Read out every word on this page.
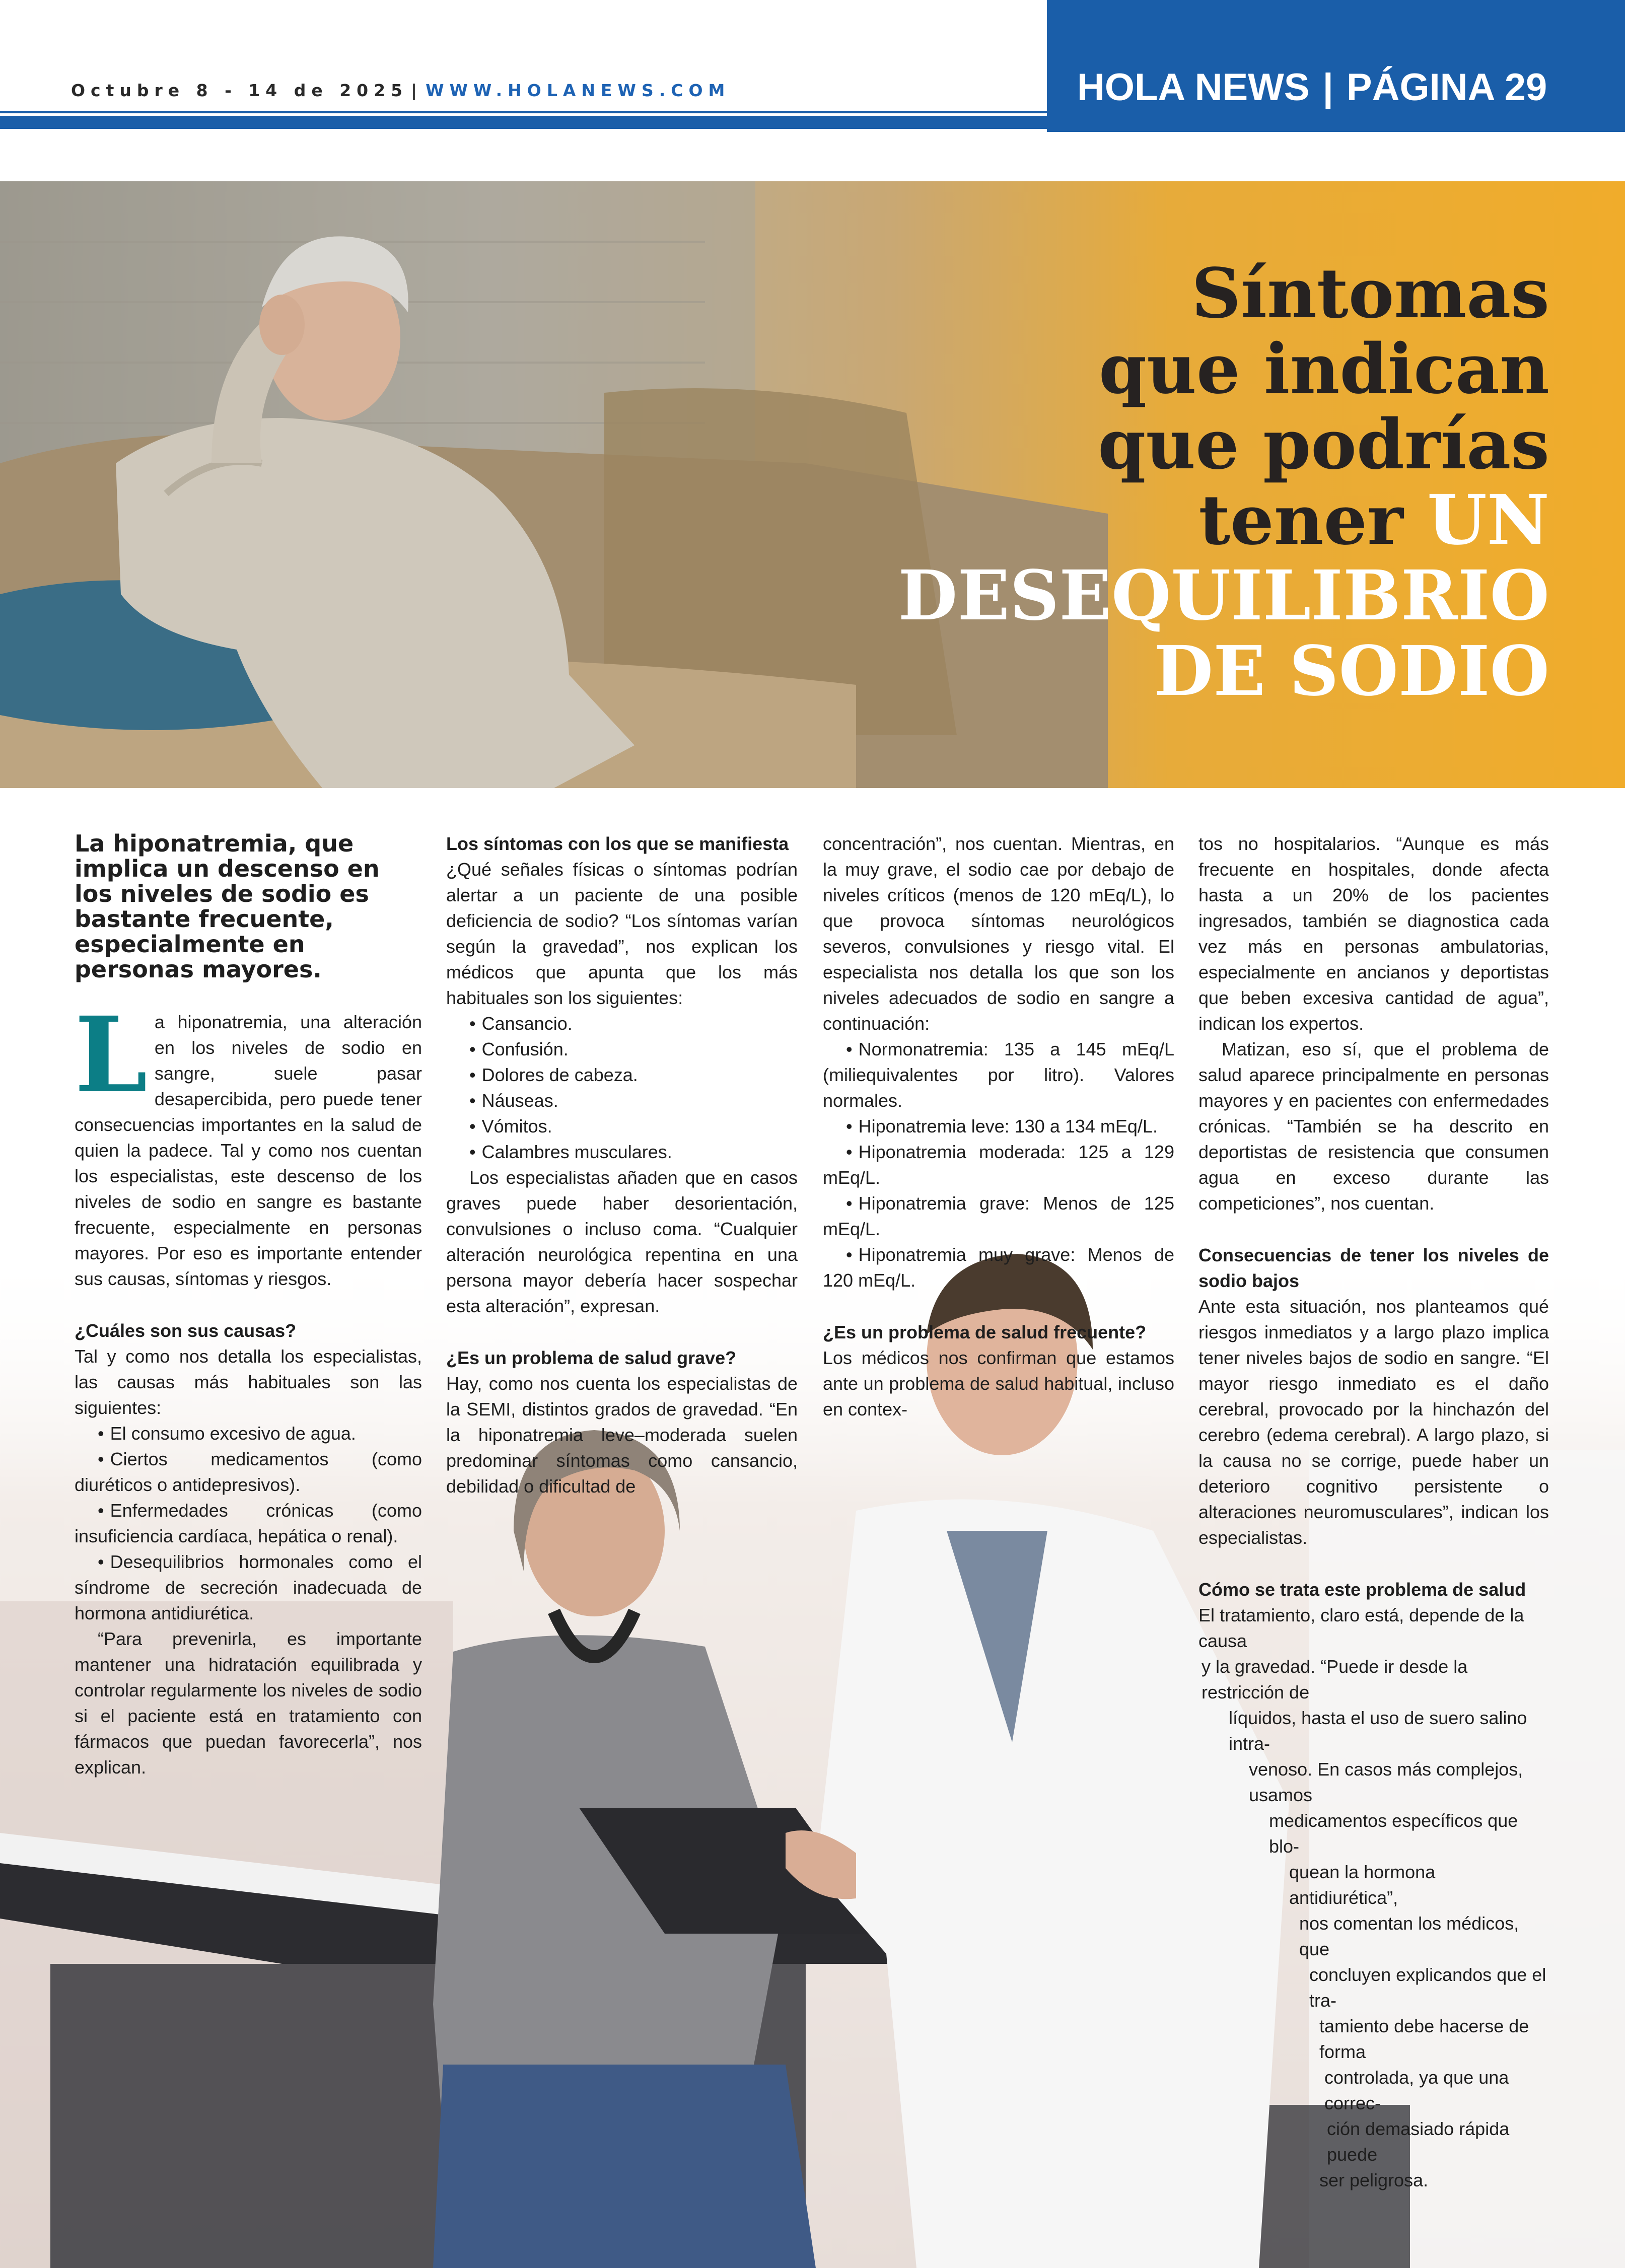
Octubre 8 - 14 de 2025 | WWW.HOLANEWS.COM	HOLA NEWS | PÁGINA 29
Síntomas
que indican
que podrías
tener UN
DESEQUILIBRIO
DE SODIO
La hiponatremia, que implica un descenso en los niveles de sodio es bastante frecuente, especialmente en personas mayores.

La hiponatremia, una alteración en los niveles de sodio en sangre, suele pasar desapercibida, pero puede tener consecuencias importantes en la salud de quien la padece. Tal y como nos cuentan los especialistas, este descenso de los niveles de sodio en sangre es bastante frecuente, especialmente en personas mayores. Por eso es importante entender sus causas, síntomas y riesgos.

¿Cuáles son sus causas?

Tal y como nos detalla los especialistas, las causas más habituales son las siguientes:

• El consumo excesivo de agua.

• Ciertos medicamentos (como diuréticos o antidepresivos).

• Enfermedades crónicas (como insuficiencia cardíaca, hepática o renal).

• Desequilibrios hormonales como el síndrome de secreción inadecuada de hormona antidiurética.

“Para prevenirla, es importante mantener una hidratación equilibrada y controlar regularmente los niveles de sodio si el paciente está en tratamiento con fármacos que puedan favorecerla”, nos explican.

Los síntomas con los que se manifiesta

¿Qué señales físicas o síntomas podrían alertar a un paciente de una posible deficiencia de sodio? “Los síntomas varían según la gravedad”, nos explican los médicos que apunta que los más habituales son los siguientes:

• Cansancio.

• Confusión.

• Dolores de cabeza.

• Náuseas.

• Vómitos.

• Calambres musculares.

Los especialistas añaden que en casos graves puede haber desorientación, convulsiones o incluso coma. “Cualquier alteración neurológica repentina en una persona mayor debería hacer sospechar esta alteración”, expresan.

¿Es un problema de salud grave?

Hay, como nos cuenta los especialistas de la SEMI, distintos grados de gravedad. “En la hiponatremia leve–moderada suelen predominar síntomas como cansancio, debilidad o dificultad de

concentración”, nos cuentan. Mientras, en la muy grave, el sodio cae por debajo de niveles críticos (menos de 120 mEq/L), lo que provoca síntomas neurológicos severos, convulsiones y riesgo vital. El especialista nos detalla los que son los niveles adecuados de sodio en sangre a continuación:

• Normonatremia: 135 a 145 mEq/L (miliequivalentes por litro). Valores normales.

• Hiponatremia leve: 130 a 134 mEq/L.

• Hiponatremia moderada: 125 a 129 mEq/L.

• Hiponatremia grave: Menos de 125 mEq/L.

• Hiponatremia muy grave: Menos de 120 mEq/L.

¿Es un problema de salud frecuente?

Los médicos nos confirman que estamos ante un problema de salud habitual, incluso en contex-

tos no hospitalarios. “Aunque es más frecuente en hospitales, donde afecta hasta a un 20% de los pacientes ingresados, también se diagnostica cada vez más en personas ambulatorias, especialmente en ancianos y deportistas que beben excesiva cantidad de agua”, indican los expertos.

Matizan, eso sí, que el problema de salud aparece principalmente en personas mayores y en pacientes con enfermedades crónicas. “También se ha descrito en deportistas de resistencia que consumen agua en exceso durante las competiciones”, nos cuentan.

Consecuencias de tener los niveles de sodio bajos

Ante esta situación, nos planteamos qué riesgos inmediatos y a largo plazo implica tener niveles bajos de sodio en sangre. “El mayor riesgo inmediato es el daño cerebral, provocado por la hinchazón del cerebro (edema cerebral). A largo plazo, si la causa no se corrige, puede haber un deterioro cognitivo persistente o alteraciones neuromusculares”, indican los especialistas.

Cómo se trata este problema de salud

El tratamiento, claro está, depende de la causa
y la gravedad. “Puede ir desde la restricción de
líquidos, hasta el uso de suero salino intra-
venoso. En casos más complejos, usamos
medicamentos específicos que blo-
quean la hormona antidiurética”,
nos comentan los médicos, que
concluyen explicandos que el tra-
tamiento debe hacerse de forma
controlada, ya que una correc-
ción demasiado rápida puede
ser peligrosa.
